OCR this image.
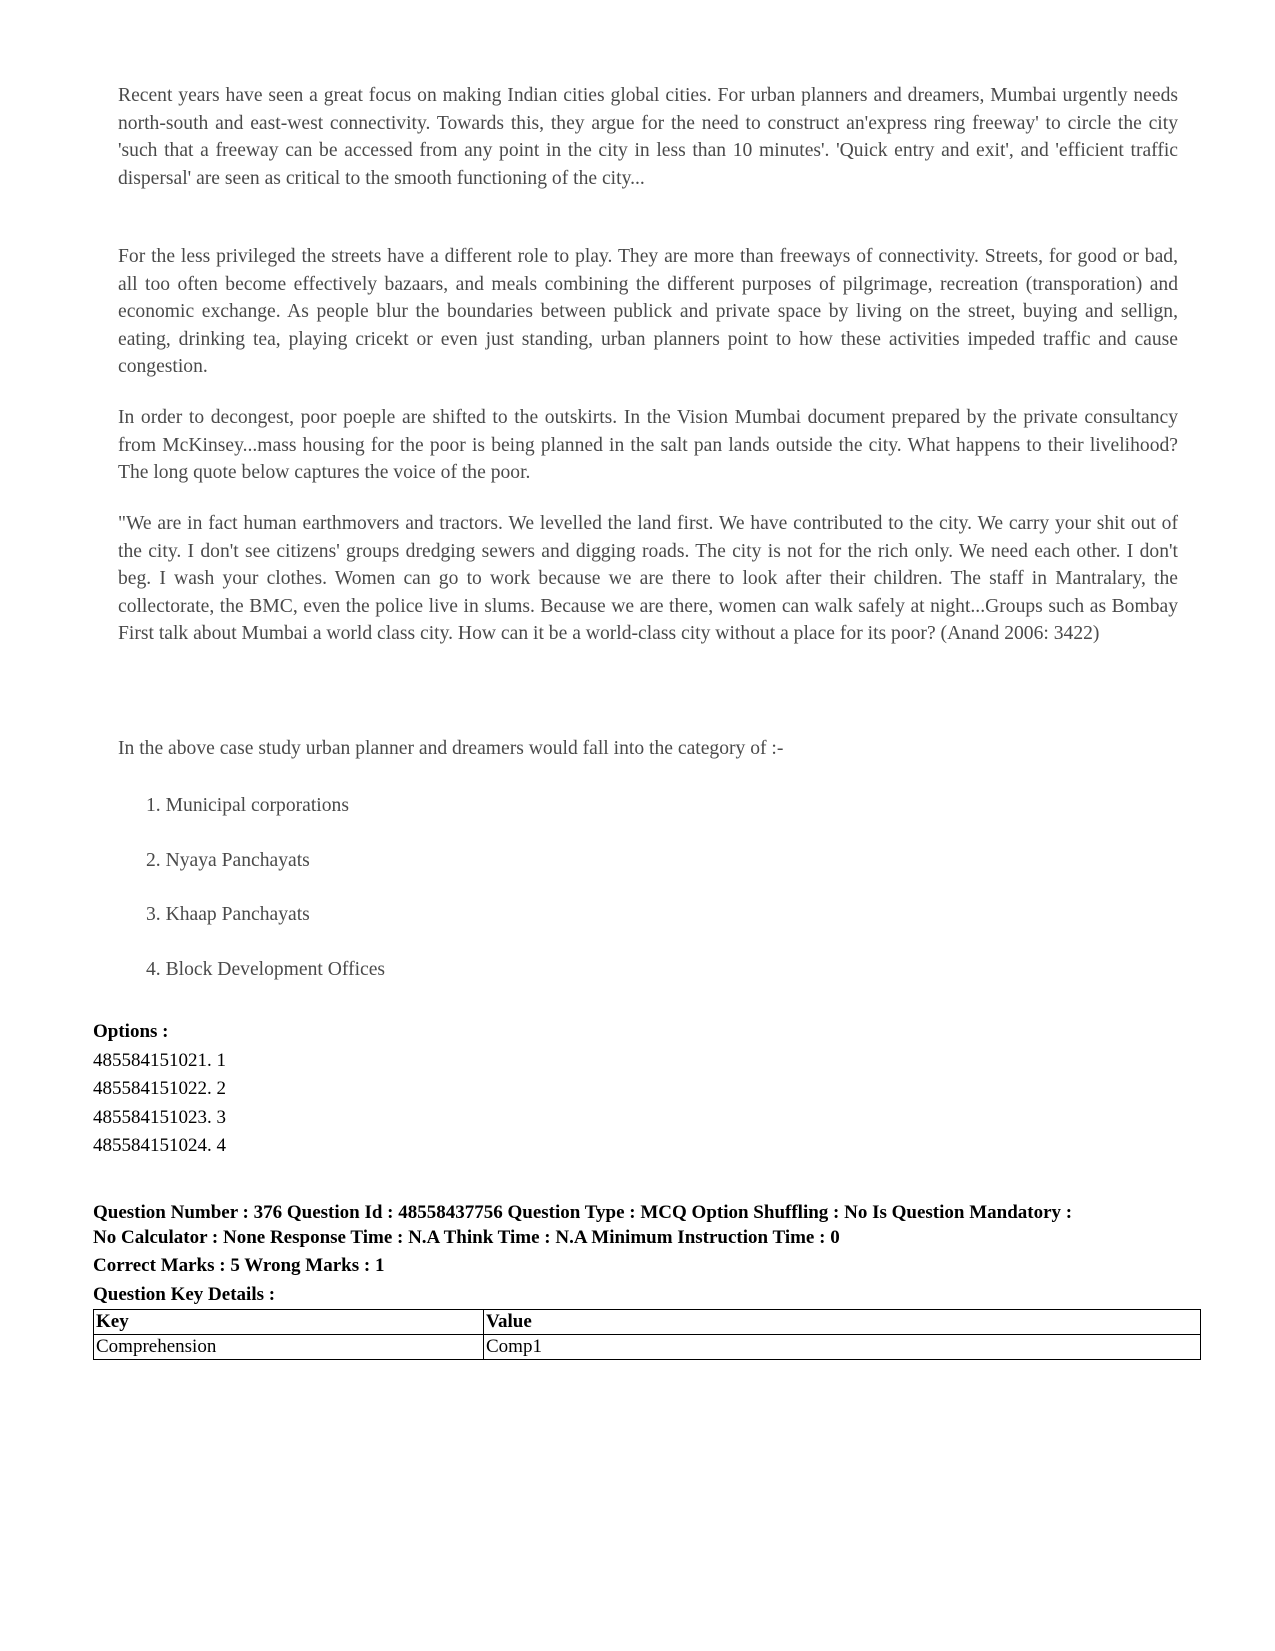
Recent years have seen a great focus on making Indian cities global cities. For urban planners and dreamers, Mumbai urgently needs north-south and east-west connectivity. Towards this, they argue for the need to construct an'express ring freeway' to circle the city 'such that a freeway can be accessed from any point in the city in less than 10 minutes'. 'Quick entry and exit', and 'efficient traffic dispersal' are seen as critical to the smooth functioning of the city...

For the less privileged the streets have a different role to play. They are more than freeways of connectivity. Streets, for good or bad, all too often become effectively bazaars, and meals combining the different purposes of pilgrimage, recreation (transporation) and economic exchange. As people blur the boundaries between publick and private space by living on the street, buying and sellign, eating, drinking tea, playing cricekt or even just standing, urban planners point to how these activities impeded traffic and cause congestion.

In order to decongest, poor poeple are shifted to the outskirts. In the Vision Mumbai document prepared by the private consultancy from McKinsey...mass housing for the poor is being planned in the salt pan lands outside the city. What happens to their livelihood? The long quote below captures the voice of the poor.

"We are in fact human earthmovers and tractors. We levelled the land first. We have contributed to the city. We carry your shit out of the city. I don't see citizens' groups dredging sewers and digging roads. The city is not for the rich only. We need each other. I don't beg. I wash your clothes. Women can go to work because we are there to look after their children. The staff in Mantralary, the collectorate, the BMC, even the police live in slums. Because we are there, women can walk safely at night...Groups such as Bombay First talk about Mumbai a world class city. How can it be a world-class city without a place for its poor? (Anand 2006: 3422)

In the above case study urban planner and dreamers would fall into the category of :-

1. Municipal corporations
2. Nyaya Panchayats
3. Khaap Panchayats
4. Block Development Offices
Options :
485584151021. 1
485584151022. 2
485584151023. 3
485584151024. 4

Question Number : 376 Question Id : 48558437756 Question Type : MCQ Option Shuffling : No Is Question Mandatory :

No Calculator : None Response Time : N.A Think Time : N.A Minimum Instruction Time : 0

Correct Marks : 5 Wrong Marks : 1

Question Key Details :

Key	Value
Comprehension	Comp1
